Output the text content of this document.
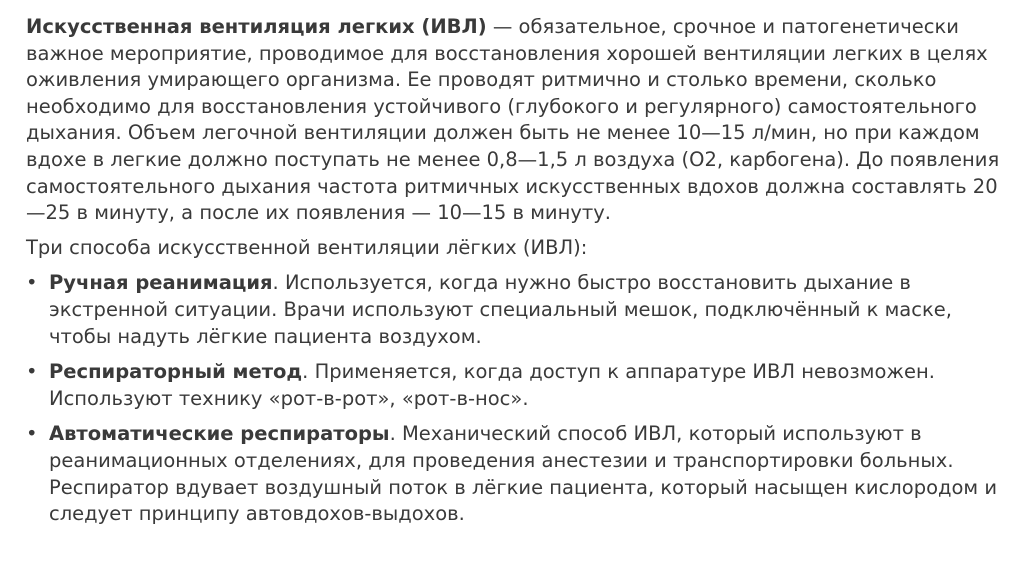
Искусственная вентиляция легких (ИВЛ) — обязательное, срочное и патогенетически важное мероприятие, проводимое для восстановления хорошей вентиляции легких в целях оживления умирающего организма. Ее проводят ритмично и столько времени, сколько необходимо для восстановления устойчивого (глубокого и регулярного) самостоятельного дыхания. Объем легочной вентиляции должен быть не менее 10—15 л/мин, но при каждом вдохе в легкие должно поступать не менее 0,8—1,5 л воздуха (О2, карбогена). До появления самостоятельного дыхания частота ритмичных искусственных вдохов должна составлять 20—25 в минуту, а после их появления — 10—15 в минуту.

Три способа искусственной вентиляции лёгких (ИВЛ):

• Ручная реанимация. Используется, когда нужно быстро восстановить дыхание в экстренной ситуации. Врачи используют специальный мешок, подключённый к маске, чтобы надуть лёгкие пациента воздухом.
• Респираторный метод. Применяется, когда доступ к аппаратуре ИВЛ невозможен. Используют технику «рот-в-рот», «рот-в-нос».
• Автоматические респираторы. Механический способ ИВЛ, который используют в реанимационных отделениях, для проведения анестезии и транспортировки больных. Респиратор вдувает воздушный поток в лёгкие пациента, который насыщен кислородом и следует принципу автовдохов-выдохов.
